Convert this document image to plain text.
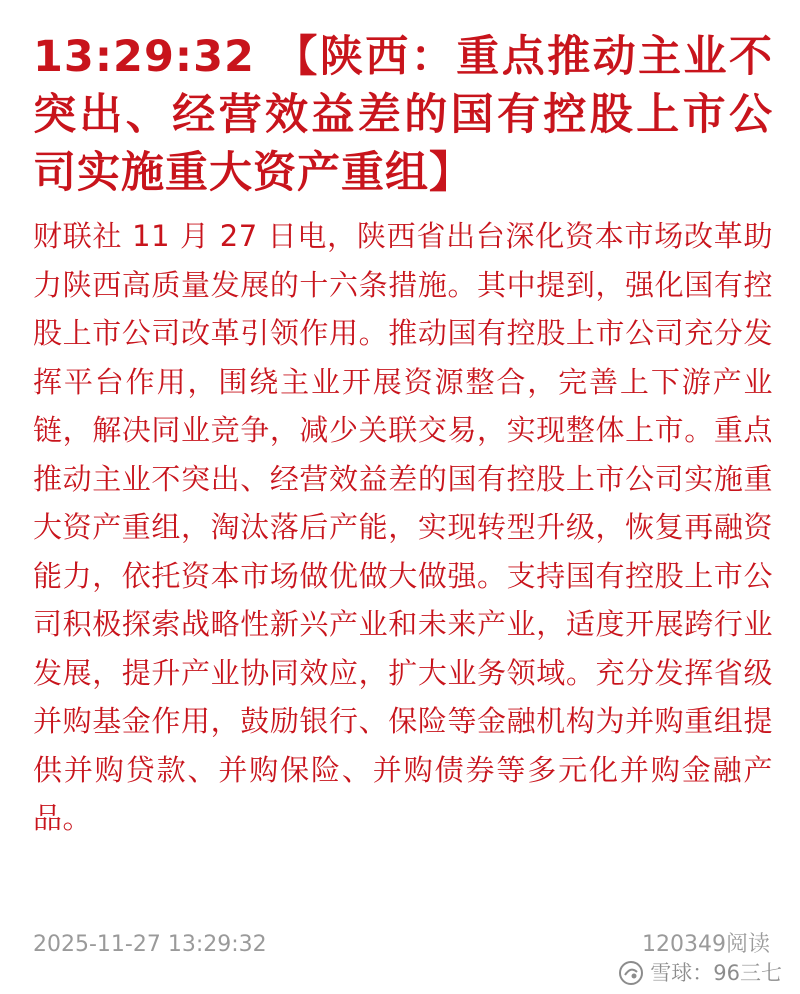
13:29:32 【陕西：重点推动主业不突出、经营效益差的国有控股上市公司实施重大资产重组】

财联社 11 月 27 日电，陕西省出台深化资本市场改革助力陕西高质量发展的十六条措施。其中提到，强化国有控股上市公司改革引领作用。推动国有控股上市公司充分发挥平台作用，围绕主业开展资源整合，完善上下游产业链，解决同业竞争，减少关联交易，实现整体上市。重点推动主业不突出、经营效益差的国有控股上市公司实施重大资产重组，淘汰落后产能，实现转型升级，恢复再融资能力，依托资本市场做优做大做强。支持国有控股上市公司积极探索战略性新兴产业和未来产业，适度开展跨行业发展，提升产业协同效应，扩大业务领域。充分发挥省级并购基金作用，鼓励银行、保险等金融机构为并购重组提供并购贷款、并购保险、并购债券等多元化并购金融产品。

2025-11-27 13:29:32	120349阅读
雪球：96三七
